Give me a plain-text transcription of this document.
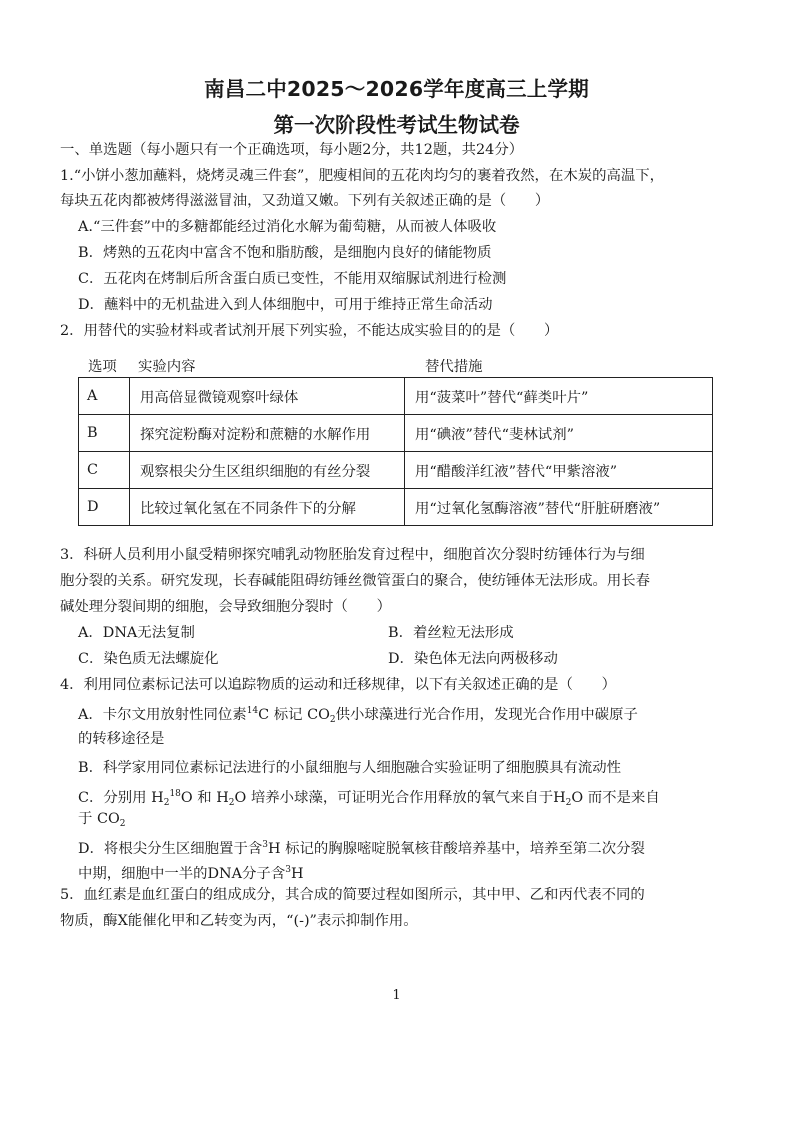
南昌二中2025～2026学年度高三上学期
第一次阶段性考试生物试卷
一、单选题（每小题只有一个正确选项，每小题2分，共12题，共24分）
1.“小饼小葱加蘸料，烧烤灵魂三件套”，肥瘦相间的五花肉均匀的裹着孜然，在木炭的高温下，
每块五花肉都被烤得滋滋冒油，又劲道又嫩。下列有关叙述正确的是（　　）
A.“三件套”中的多糖都能经过消化水解为葡萄糖，从而被人体吸收
B．烤熟的五花肉中富含不饱和脂肪酸，是细胞内良好的储能物质
C．五花肉在烤制后所含蛋白质已变性，不能用双缩脲试剂进行检测
D．蘸料中的无机盐进入到人体细胞中，可用于维持正常生命活动
2．用替代的实验材料或者试剂开展下列实验，不能达成实验目的的是（　　）
选项 实验内容	替代措施
A	用高倍显微镜观察叶绿体	用“菠菜叶”替代“藓类叶片”
B	探究淀粉酶对淀粉和蔗糖的水解作用	用“碘液”替代“斐林试剂”
C	观察根尖分生区组织细胞的有丝分裂	用“醋酸洋红液”替代“甲紫溶液”
D	比较过氧化氢在不同条件下的分解	用“过氧化氢酶溶液”替代“肝脏研磨液”
3．科研人员利用小鼠受精卵探究哺乳动物胚胎发育过程中，细胞首次分裂时纺锤体行为与细
胞分裂的关系。研究发现，长春碱能阻碍纺锤丝微管蛋白的聚合，使纺锤体无法形成。用长春
碱处理分裂间期的细胞，会导致细胞分裂时（　　）
A．DNA无法复制	B．着丝粒无法形成
C．染色质无法螺旋化	D．染色体无法向两极移动
4．利用同位素标记法可以追踪物质的运动和迁移规律，以下有关叙述正确的是（　　）
A．卡尔文用放射性同位素$^{14}$C 标记 $CO_2$供小球藻进行光合作用，发现光合作用中碳原子
的转移途径是
B．科学家用同位素标记法进行的小鼠细胞与人细胞融合实验证明了细胞膜具有流动性
C．分别用 $H_2^{18}O$ 和 $H_2O$ 培养小球藻，可证明光合作用释放的氧气来自于$H_2O$ 而不是来自
于 $CO_2$
D．将根尖分生区细胞置于含$^3$H 标记的胸腺嘧啶脱氧核苷酸培养基中，培养至第二次分裂
中期，细胞中一半的DNA分子含$^3$H
5．血红素是血红蛋白的组成成分，其合成的简要过程如图所示，其中甲、乙和丙代表不同的
物质，酶X能催化甲和乙转变为丙，“(-)”表示抑制作用。
1
